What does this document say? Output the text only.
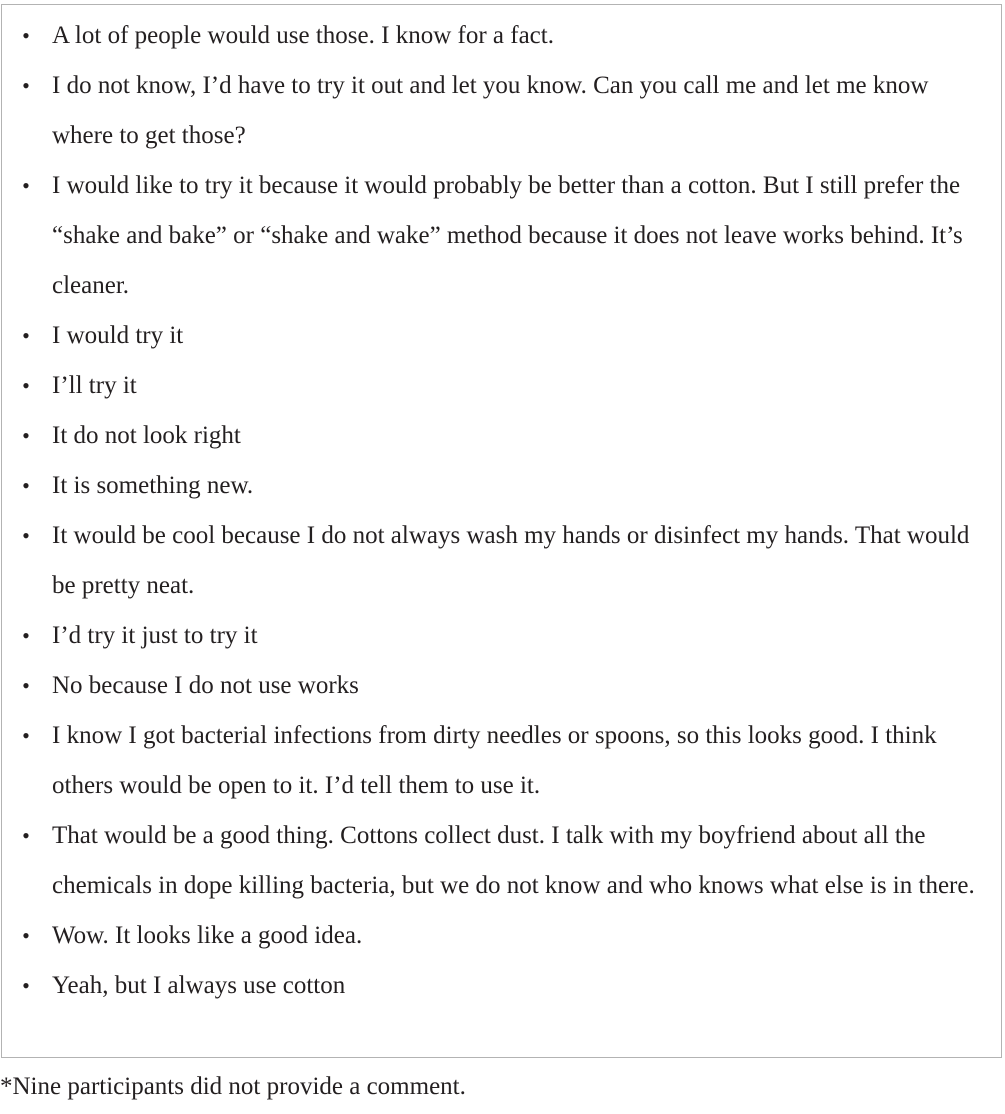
• A lot of people would use those. I know for a fact.
• I do not know, I’d have to try it out and let you know. Can you call me and let me know where to get those?
• I would like to try it because it would probably be better than a cotton. But I still prefer the “shake and bake” or “shake and wake” method because it does not leave works behind. It’s cleaner.
• I would try it
• I’ll try it
• It do not look right
• It is something new.
• It would be cool because I do not always wash my hands or disinfect my hands. That would be pretty neat.
• I’d try it just to try it
• No because I do not use works
• I know I got bacterial infections from dirty needles or spoons, so this looks good. I think others would be open to it. I’d tell them to use it.
• That would be a good thing. Cottons collect dust. I talk with my boyfriend about all the chemicals in dope killing bacteria, but we do not know and who knows what else is in there.
• Wow. It looks like a good idea.
• Yeah, but I always use cotton
*Nine participants did not provide a comment.
